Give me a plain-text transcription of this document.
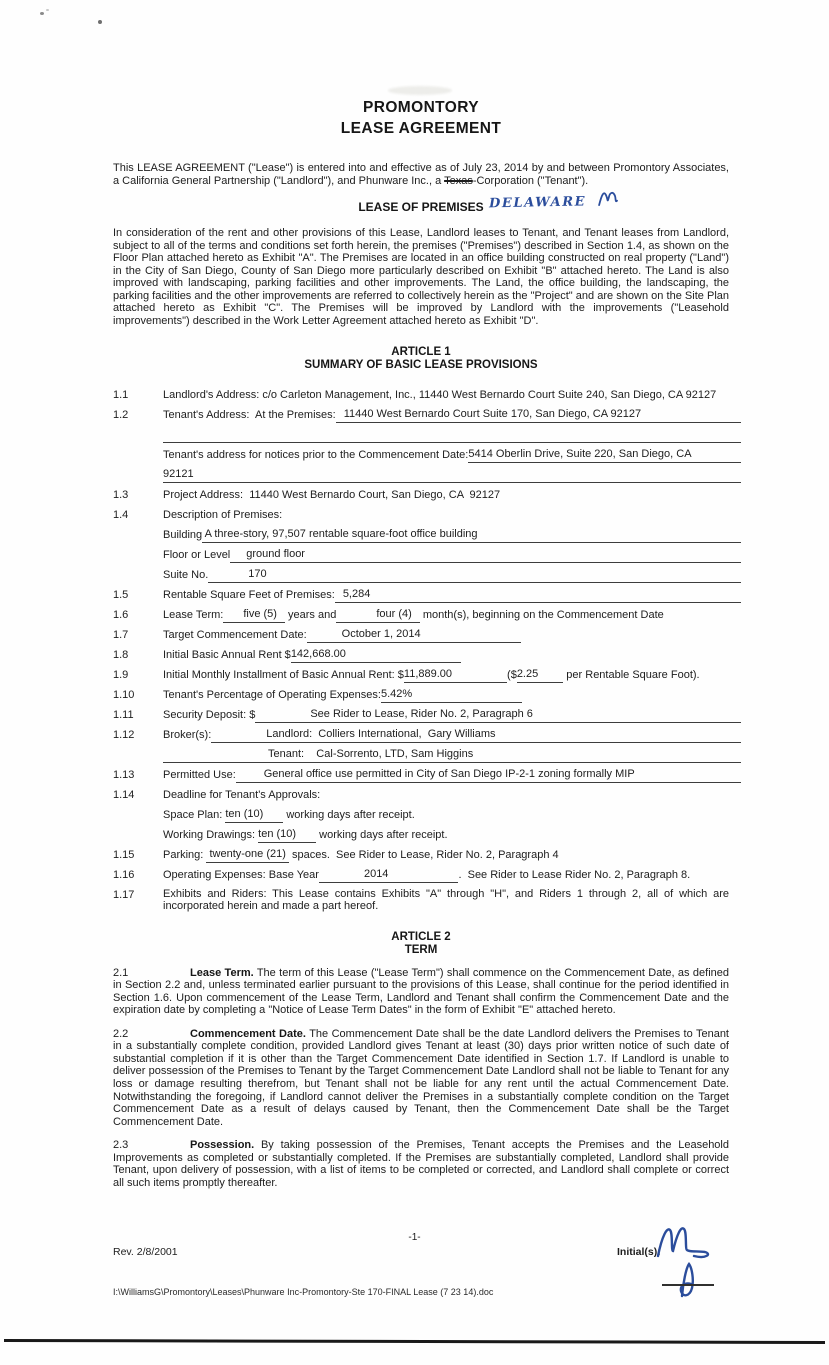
PROMONTORY
LEASE AGREEMENT

This LEASE AGREEMENT ("Lease") is entered into and effective as of July 23, 2014 by and between Promontory Associates, a California General Partnership ("Landlord"), and Phunware Inc., a Texas-Corporation ("Tenant").

DELAWARE
LEASE OF PREMISES

In consideration of the rent and other provisions of this Lease, Landlord leases to Tenant, and Tenant leases from Landlord, subject to all of the terms and conditions set forth herein, the premises ("Premises") described in Section 1.4, as shown on the Floor Plan attached hereto as Exhibit "A". The Premises are located in an office building constructed on real property ("Land") in the City of San Diego, County of San Diego more particularly described on Exhibit "B" attached hereto. The Land is also improved with landscaping, parking facilities and other improvements. The Land, the office building, the landscaping, the parking facilities and the other improvements are referred to collectively herein as the "Project" and are shown on the Site Plan attached hereto as Exhibit "C". The Premises will be improved by Landlord with the improvements ("Leasehold improvements") described in the Work Letter Agreement attached hereto as Exhibit "D".

ARTICLE 1
SUMMARY OF BASIC LEASE PROVISIONS
1.1	Landlord's Address: c/o Carleton Management, Inc., 11440 West Bernardo Court Suite 240, San Diego, CA 92127
1.2	Tenant's Address:  At the Premises: 11440 West Bernardo Court Suite 170, San Diego, CA 92127
Tenant's address for notices prior to the Commencement Date: 5414 Oberlin Drive, Suite 220, San Diego, CA
92121
1.3	Project Address:  11440 West Bernardo Court, San Diego, CA  92127
1.4	Description of Premises:
Building A three-story, 97,507 rentable square-foot office building
Floor or Level	ground floor
Suite No.	170
1.5	Rentable Square Feet of Premises: 5,284
1.6	Lease Term:	five (5) years and	four (4) month(s), beginning on the Commencement Date
1.7	Target Commencement Date:	October 1, 2014
1.8	Initial Basic Annual Rent $ 142,668.00
1.9	Initial Monthly Installment of Basic Annual Rent: $ 11,889.00	($ 2.25	per Rentable Square Foot).
1.10	Tenant's Percentage of Operating Expenses: 5.42%
1.11	Security Deposit: $	See Rider to Lease, Rider No. 2, Paragraph 6
1.12	Broker(s):	Landlord:  Colliers International,  Gary Williams
Tenant:    Cal-Sorrento, LTD, Sam Higgins
1.13	Permitted Use:	General office use permitted in City of San Diego IP-2-1 zoning formally MIP
1.14	Deadline for Tenant's Approvals:
Space Plan: ten (10)	working days after receipt.
Working Drawings: ten (10)	working days after receipt.
1.15	Parking: twenty-one (21) spaces.  See Rider to Lease, Rider No. 2, Paragraph 4
1.16	Operating Expenses: Base Year	2014	.  See Rider to Lease Rider No. 2, Paragraph 8.
1.17	Exhibits and Riders: This Lease contains Exhibits "A" through "H", and Riders 1 through 2, all of which are incorporated herein and made a part hereof.
ARTICLE 2
TERM

2.1	Lease Term. The term of this Lease ("Lease Term") shall commence on the Commencement Date, as defined in Section 2.2 and, unless terminated earlier pursuant to the provisions of this Lease, shall continue for the period identified in Section 1.6. Upon commencement of the Lease Term, Landlord and Tenant shall confirm the Commencement Date and the expiration date by completing a "Notice of Lease Term Dates" in the form of Exhibit "E" attached hereto.

2.2	Commencement Date. The Commencement Date shall be the date Landlord delivers the Premises to Tenant in a substantially complete condition, provided Landlord gives Tenant at least (30) days prior written notice of such date of substantial completion if it is other than the Target Commencement Date identified in Section 1.7. If Landlord is unable to deliver possession of the Premises to Tenant by the Target Commencement Date Landlord shall not be liable to Tenant for any loss or damage resulting therefrom, but Tenant shall not be liable for any rent until the actual Commencement Date. Notwithstanding the foregoing, if Landlord cannot deliver the Premises in a substantially complete condition on the Target Commencement Date as a result of delays caused by Tenant, then the Commencement Date shall be the Target Commencement Date.

2.3	Possession. By taking possession of the Premises, Tenant accepts the Premises and the Leasehold Improvements as completed or substantially completed. If the Premises are substantially completed, Landlord shall provide Tenant, upon delivery of possession, with a list of items to be completed or corrected, and Landlord shall complete or correct all such items promptly thereafter.

-1-
Rev. 2/8/2001	Initial(s):
I:\WilliamsG\Promontory\Leases\Phunware Inc-Promontory-Ste 170-FINAL Lease (7 23 14).doc
